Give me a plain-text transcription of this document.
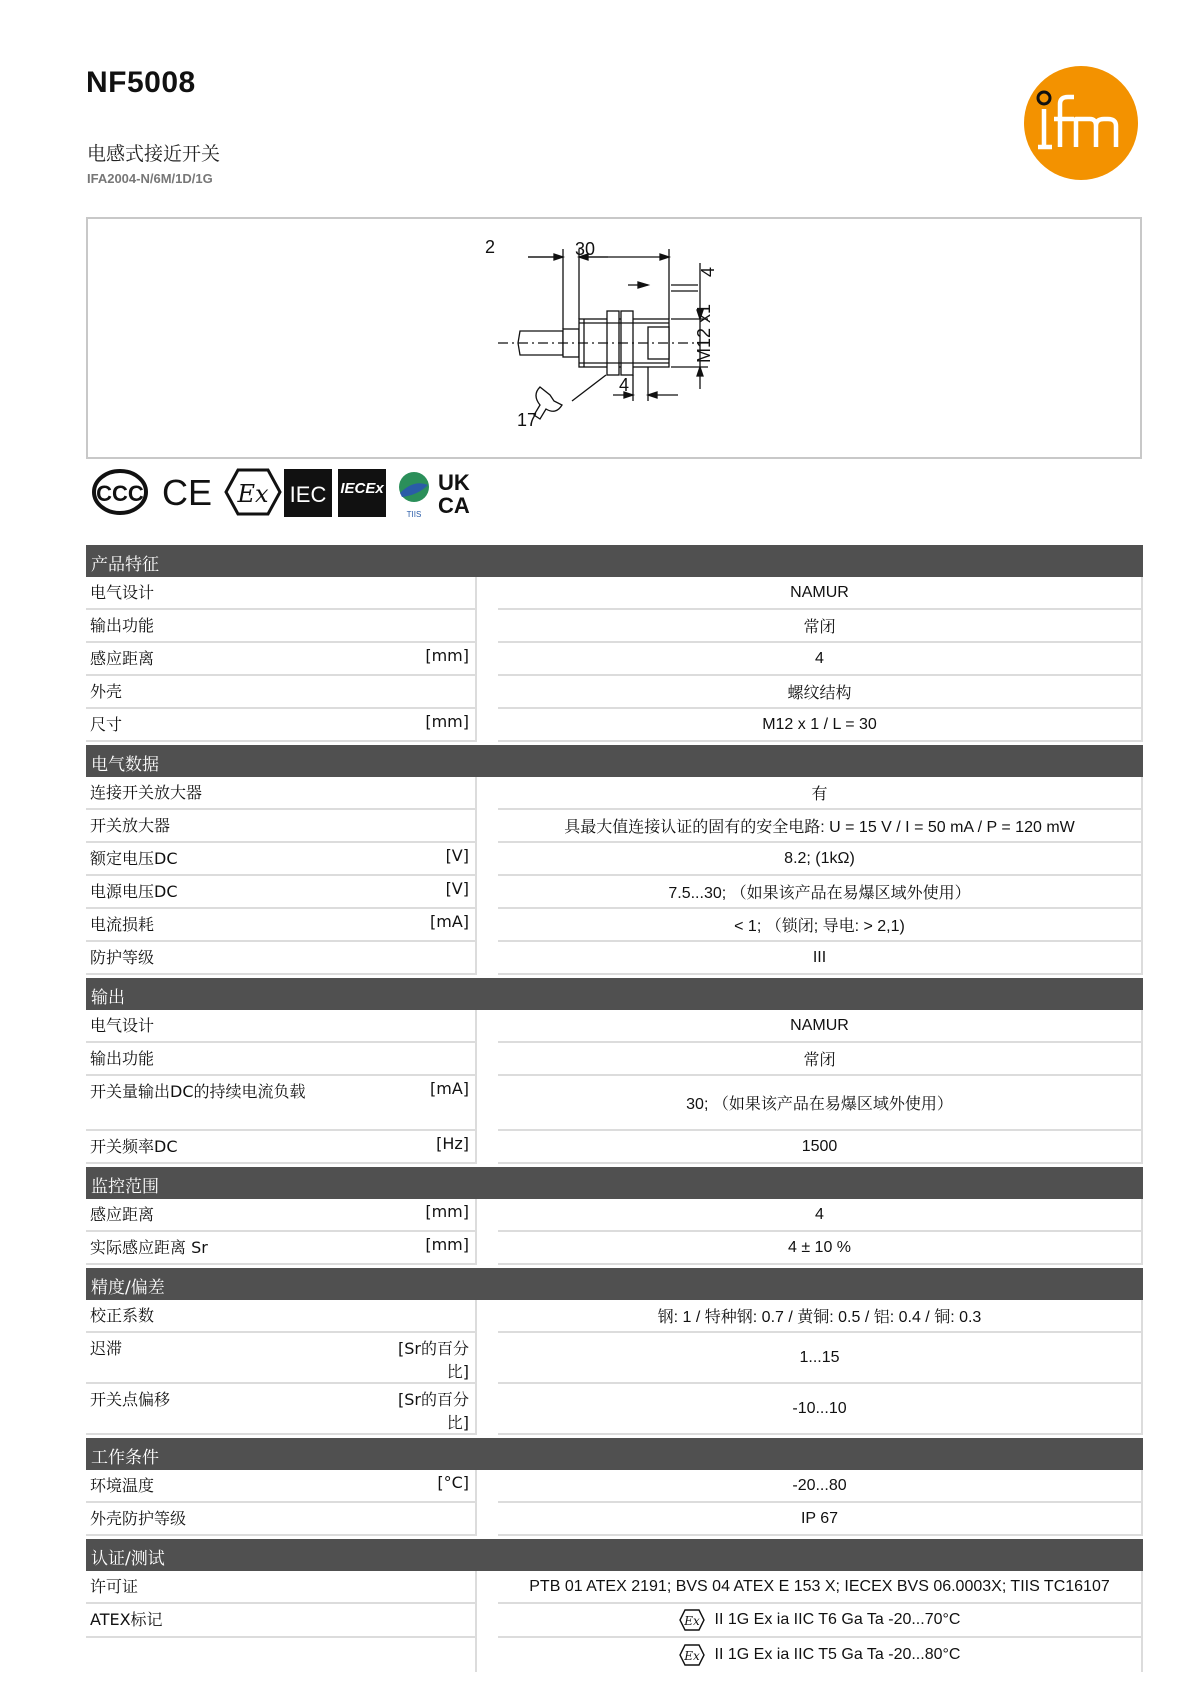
NF5008
电感式接近开关
IFA2004-N/6M/1D/1G
2	30
4
M12 x1
4
17
CCC CE Ex IEC IECEx
TIIS
UK
CA
产品特征			
电气设计			NAMUR
输出功能			常闭
感应距离	[mm]		4
外壳			螺纹结构
尺寸	[mm]		M12 x 1 / L = 30

电气数据			
连接开关放大器			有
开关放大器			具最大值连接认证的固有的安全电路: U = 15 V / I = 50 mA / P = 120 mW
额定电压DC	[V]		8.2; (1kΩ)
电源电压DC	[V]		7.5...30; （如果该产品在易爆区域外使用）
电流损耗	[mA]		< 1; （锁闭; 导电: > 2,1)
防护等级			III

输出			
电气设计			NAMUR
输出功能			常闭
开关量输出DC的持续电流负载	[mA]		30; （如果该产品在易爆区域外使用）
开关频率DC	[Hz]		1500

监控范围			
感应距离	[mm]		4
实际感应距离 Sr	[mm]		4 ± 10 %

精度/偏差			
校正系数			钢: 1 / 特种钢: 0.7 / 黄铜: 0.5 / 铝: 0.4 / 铜: 0.3
迟滞	[Sr的百分比]		1...15
开关点偏移	[Sr的百分比]		-10...10

工作条件			
环境温度	[°C]		-20...80
外壳防护等级			IP 67

认证/测试			
许可证			PTB 01 ATEX 2191; BVS 04 ATEX E 153 X; IECEX BVS 06.0003X; TIIS TC16107
ATEX标记			Ex II 1G Ex ia IIC T6 Ga Ta -20...70°C

Ex II 1G Ex ia IIC T5 Ga Ta -20...80°C
